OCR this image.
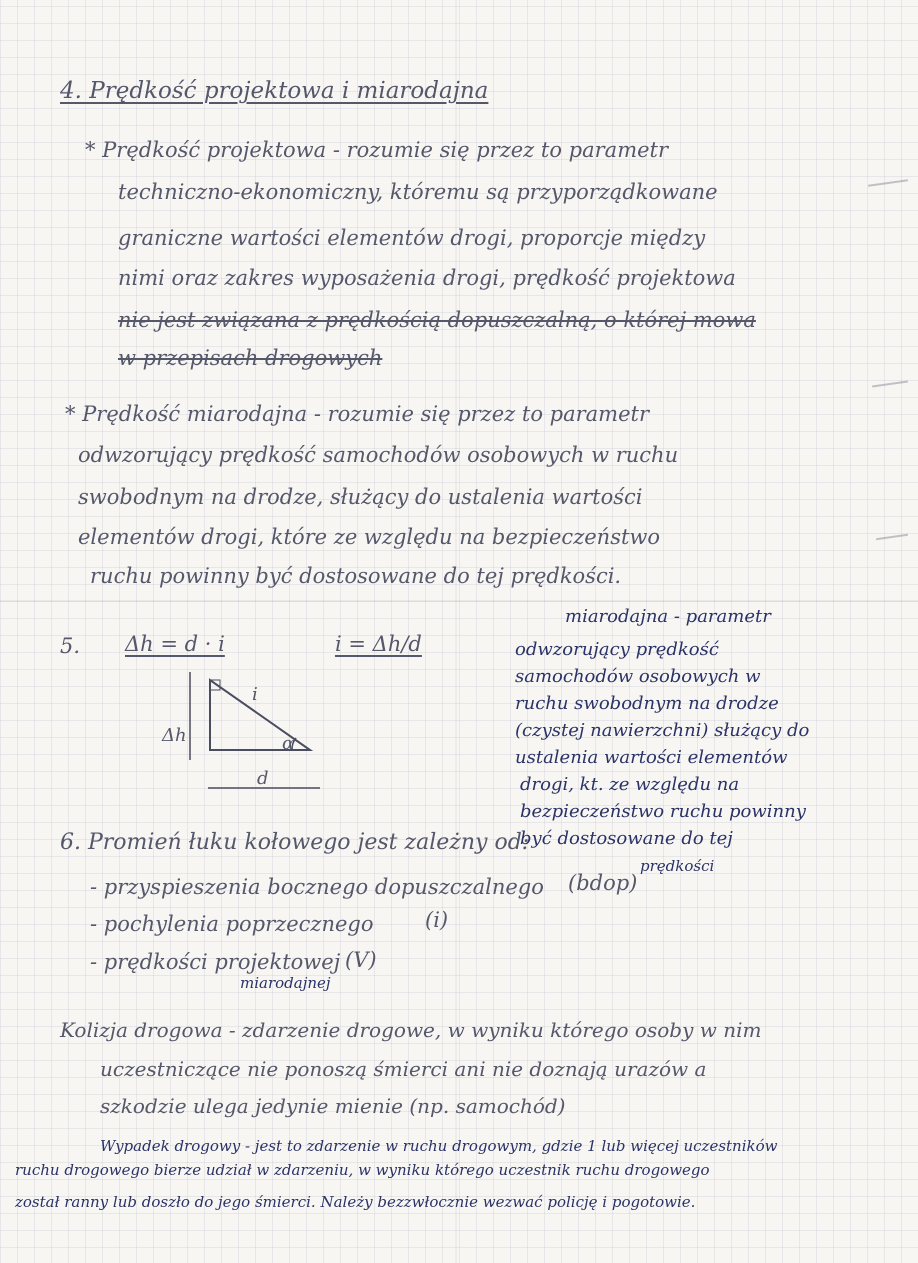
4. Prędkość projektowa i miarodajna
* Prędkość projektowa - rozumie się przez to parametr
techniczno-ekonomiczny, któremu są przyporządkowane
graniczne wartości elementów drogi, proporcje między
nimi oraz zakres wyposażenia drogi, prędkość projektowa
nie jest związana z prędkością dopuszczalną, o której mowa
w przepisach drogowych
* Prędkość miarodajna - rozumie się przez to parametr
odwzorujący prędkość samochodów osobowych w ruchu
swobodnym na drodze, służący do ustalenia wartości
elementów drogi, które ze względu na bezpieczeństwo
ruchu powinny być dostosowane do tej prędkości.
5. Δh = d · i	i = Δh/d
Δh
d
α
i
miarodajna - parametr
odwzorujący prędkość
samochodów osobowych w
ruchu swobodnym na drodze
(czystej nawierzchni) służący do
ustalenia wartości elementów
drogi, kt. ze względu na
bezpieczeństwo ruchu powinny
być dostosowane do tej
prędkości
6. Promień łuku kołowego jest zależny od:
- przyspieszenia bocznego dopuszczalnego (bdop)
- pochylenia poprzecznego (i)
- prędkości projektowej (V)
miarodajnej
Kolizja drogowa - zdarzenie drogowe, w wyniku którego osoby w nim
uczestniczące nie ponoszą śmierci ani nie doznają urazów a
szkodzie ulega jedynie mienie (np. samochód)
Wypadek drogowy - jest to zdarzenie w ruchu drogowym, gdzie 1 lub więcej uczestników
ruchu drogowego bierze udział w zdarzeniu, w wyniku którego uczestnik ruchu drogowego
został ranny lub doszło do jego śmierci. Należy bezzwłocznie wezwać policję i pogotowie.
